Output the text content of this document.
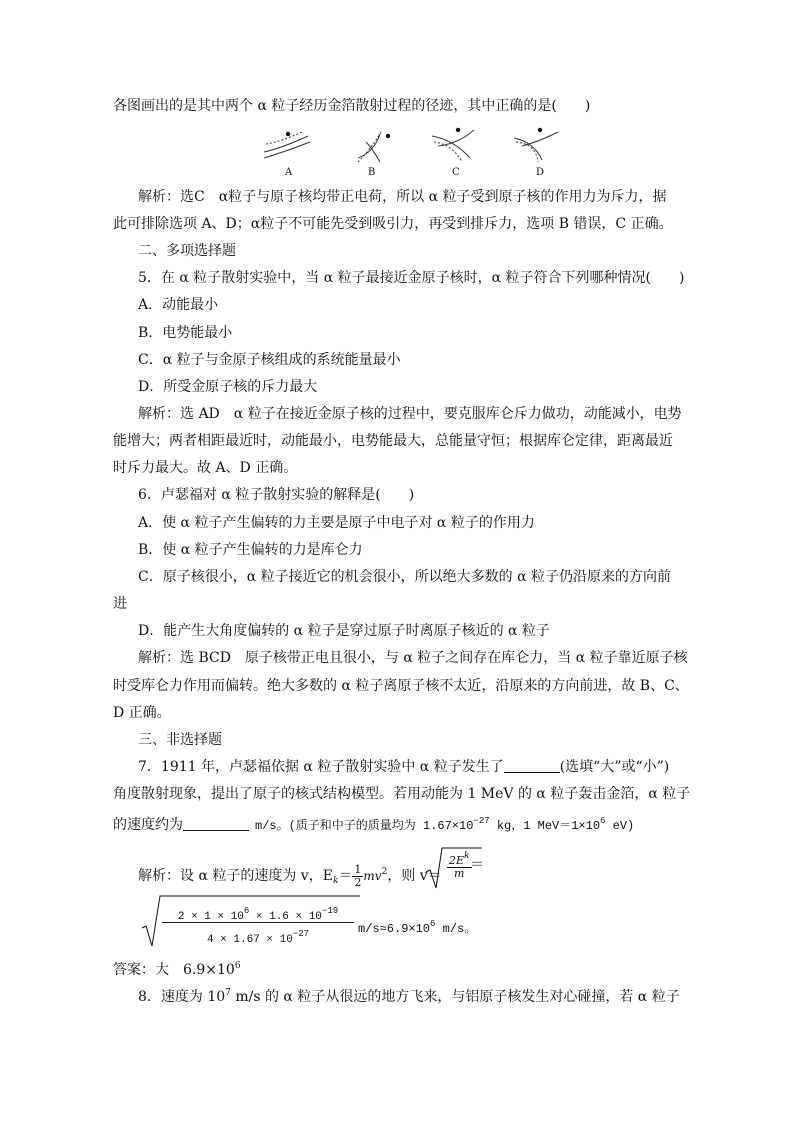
各图画出的是其中两个 α 粒子经历金箔散射过程的径迹，其中正确的是(　　)
A	B	C	D
解析：选C　α粒子与原子核均带正电荷，所以 α 粒子受到原子核的作用力为斥力，据
此可排除选项 A、D；α粒子不可能先受到吸引力，再受到排斥力，选项 B 错误，C 正确。
二、多项选择题
5．在 α 粒子散射实验中，当 α 粒子最接近金原子核时，α 粒子符合下列哪种情况(　　)
A．动能最小
B．电势能最小
C．α 粒子与金原子核组成的系统能量最小
D．所受金原子核的斥力最大
解析：选 AD　α 粒子在接近金原子核的过程中，要克服库仑斥力做功，动能减小，电势
能增大；两者相距最近时，动能最小，电势能最大，总能量守恒；根据库仑定律，距离最近
时斥力最大。故 A、D 正确。
6．卢瑟福对 α 粒子散射实验的解释是(　　)
A．使 α 粒子产生偏转的力主要是原子中电子对 α 粒子的作用力
B．使 α 粒子产生偏转的力是库仑力
C．原子核很小，α 粒子接近它的机会很小，所以绝大多数的 α 粒子仍沿原来的方向前
进
D．能产生大角度偏转的 α 粒子是穿过原子时离原子核近的 α 粒子
解析：选 BCD　原子核带正电且很小，与 α 粒子之间存在库仑力，当 α 粒子靠近原子核
时受库仑力作用而偏转。绝大多数的 α 粒子离原子核不太近，沿原来的方向前进，故 B、C、
D 正确。
三、非选择题
7．1911 年，卢瑟福依据 α 粒子散射实验中 α 粒子发生了	(选填“大”或“小”)
角度散射现象，提出了原子的核式结构模型。若用动能为 1 MeV 的 α 粒子轰击金箔，α 粒子
的速度约为	m/s。(质子和中子的质量均为 $1.67\times 10^{-27}$ kg，1 $MeV=1\times 10^6$ eV)
解析：设 α 粒子的速度为 v，$E_k= \frac{1}{2} mv^2$，则 $v= \frac{2E^k}{m}$
＝
$2 \times 1 \times 10^6 \times 1.6 \times 10^{-19}$
$4 \times 1.67 \times 10^{-27}$	$m/s\approx 6.9\times 10^6$ m/s。
答案：大　$6.9\times 10^6$
8．速度为 $10^7$ m/s 的 α 粒子从很远的地方飞来，与铝原子核发生对心碰撞，若 α 粒子
